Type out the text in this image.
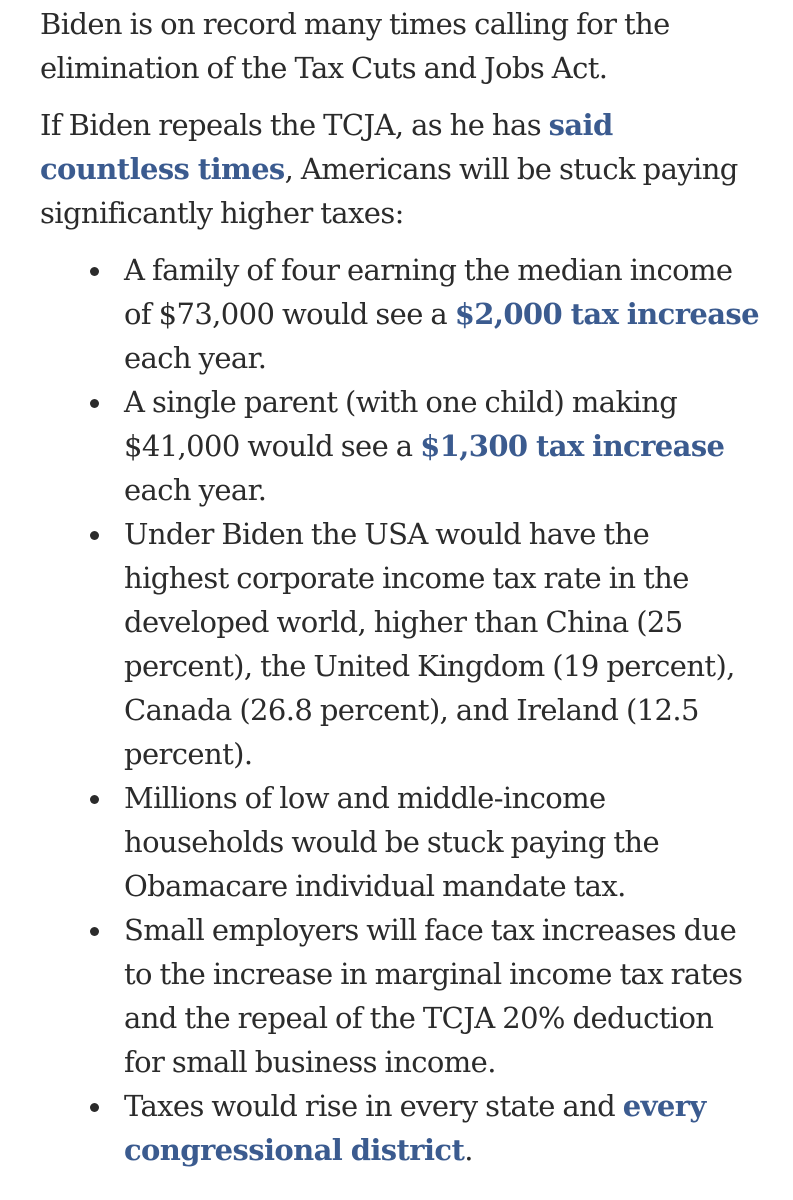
Biden is on record many times calling for the elimination of the Tax Cuts and Jobs Act.

If Biden repeals the TCJA, as he has said countless times, Americans will be stuck paying significantly higher taxes:

A family of four earning the median income of $73,000 would see a $2,000 tax increase each year.
A single parent (with one child) making $41,000 would see a $1,300 tax increase each year.
Under Biden the USA would have the highest corporate income tax rate in the developed world, higher than China (25 percent), the United Kingdom (19 percent), Canada (26.8 percent), and Ireland (12.5 percent).
Millions of low and middle-income households would be stuck paying the Obamacare individual mandate tax.
Small employers will face tax increases due to the increase in marginal income tax rates and the repeal of the TCJA 20% deduction for small business income.
Taxes would rise in every state and every congressional district.
